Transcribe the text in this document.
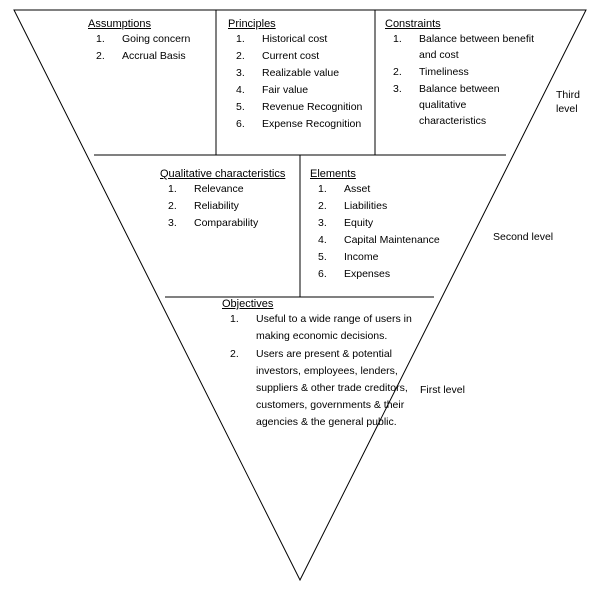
Assumptions
1. Going concern
2. Accrual Basis
Principles
1. Historical cost
2. Current cost
3. Realizable value
4. Fair value
5. Revenue Recognition
6. Expense Recognition
Constraints
1. Balance between benefit and cost
2. Timeliness
3. Balance between qualitative characteristics
Qualitative characteristics
1. Relevance
2. Reliability
3. Comparability
Elements
1. Asset
2. Liabilities
3. Equity
4. Capital Maintenance
5. Income
6. Expenses
Objectives
1. Useful to a wide range of users in making economic decisions.
2. Users are present & potential investors, employees, lenders, suppliers & other trade creditors, customers, governments & their agencies & the general public.
Third level
Second level
First level
